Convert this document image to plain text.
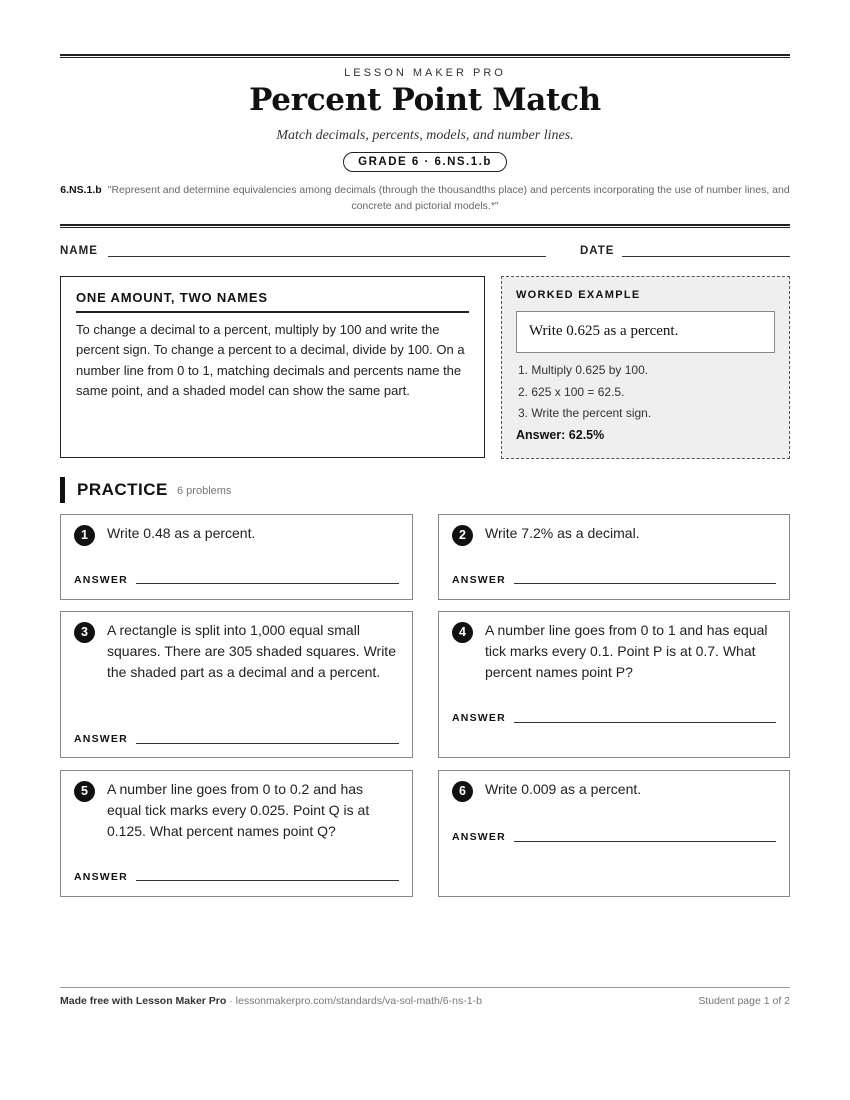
LESSON MAKER PRO
Percent Point Match
Match decimals, percents, models, and number lines.
GRADE 6 · 6.NS.1.b
6.NS.1.b "Represent and determine equivalencies among decimals (through the thousandths place) and percents incorporating the use of number lines, and concrete and pictorial models.*"
NAME	DATE
ONE AMOUNT, TWO NAMES
To change a decimal to a percent, multiply by 100 and write the percent sign. To change a percent to a decimal, divide by 100. On a number line from 0 to 1, matching decimals and percents name the same point, and a shaded model can show the same part.
WORKED EXAMPLE
Write 0.625 as a percent.
1. Multiply 0.625 by 100.
2. 625 x 100 = 62.5.
3. Write the percent sign.
Answer: 62.5%
PRACTICE 6 problems
1	Write 0.48 as a percent.
ANSWER
2	Write 7.2% as a decimal.
ANSWER
3	A rectangle is split into 1,000 equal small squares. There are 305 shaded squares. Write the shaded part as a decimal and a percent.
ANSWER
4	A number line goes from 0 to 1 and has equal tick marks every 0.1. Point P is at 0.7. What percent names point P?
ANSWER
5	A number line goes from 0 to 0.2 and has equal tick marks every 0.025. Point Q is at 0.125. What percent names point Q?
ANSWER
6	Write 0.009 as a percent.
ANSWER
Made free with Lesson Maker Pro · lessonmakerpro.com/standards/va-sol-math/6-ns-1-b	Student page 1 of 2
